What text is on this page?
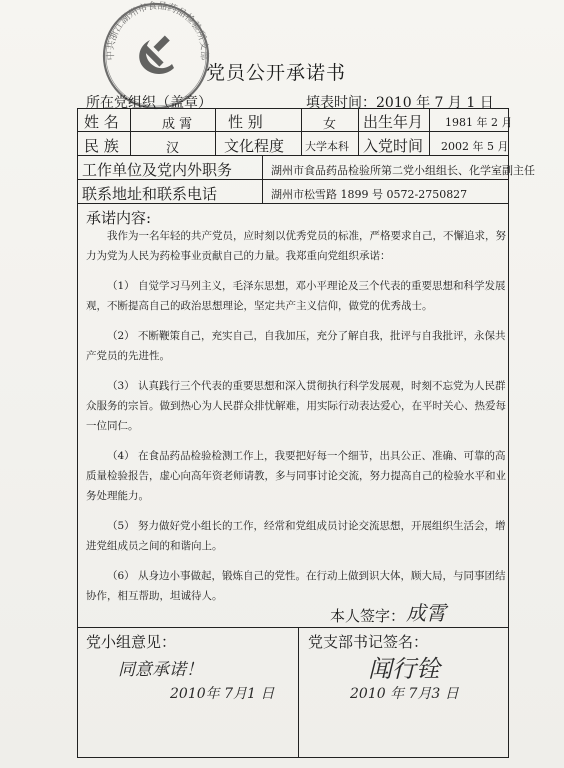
中共浙江湖州市食品药品检验所支部
党员公开承诺书
所在党组织（盖章）	填表时间：2010 年 7 月 1 日
姓 名	成 霄 性 别	女 出生年月 1981 年 2 月
民 族	汉	文化程度 大学本科 入党时间 2002 年 5 月
工作单位及党内外职务	湖州市食品药品检验所第二党小组组长、化学室副主任
联系地址和联系电话	湖州市松雪路 1899 号 0572-2750827
承诺内容:
本人签字： 成霄
党小组意见：
同意承诺！
2010年 7月1 日
党支部书记签名：
闻行铨
2010 年 7月3 日

我作为一名年轻的共产党员，应时刻以优秀党员的标准，严格要求自己，不懈追求，努力为党为人民为药检事业贡献自己的力量。我郑重向党组织承诺：

（1） 自觉学习马列主义，毛泽东思想，邓小平理论及三个代表的重要思想和科学发展观，不断提高自己的政治思想理论，坚定共产主义信仰，做党的优秀战士。

（2） 不断鞭策自己，充实自己，自我加压，充分了解自我，批评与自我批评，永保共产党员的先进性。

（3） 认真践行三个代表的重要思想和深入贯彻执行科学发展观，时刻不忘党为人民群众服务的宗旨。做到热心为人民群众排忧解难，用实际行动表达爱心，在平时关心、热爱每一位同仁。

（4） 在食品药品检验检测工作上，我要把好每一个细节，出具公正、准确、可靠的高质量检验报告，虚心向高年资老师请教，多与同事讨论交流，努力提高自己的检验水平和业务处理能力。

（5） 努力做好党小组长的工作，经常和党组成员讨论交流思想，开展组织生活会，增进党组成员之间的和谐向上。

（6） 从身边小事做起，锻炼自己的党性。在行动上做到识大体，顾大局，与同事团结协作，相互帮助，坦诚待人。
